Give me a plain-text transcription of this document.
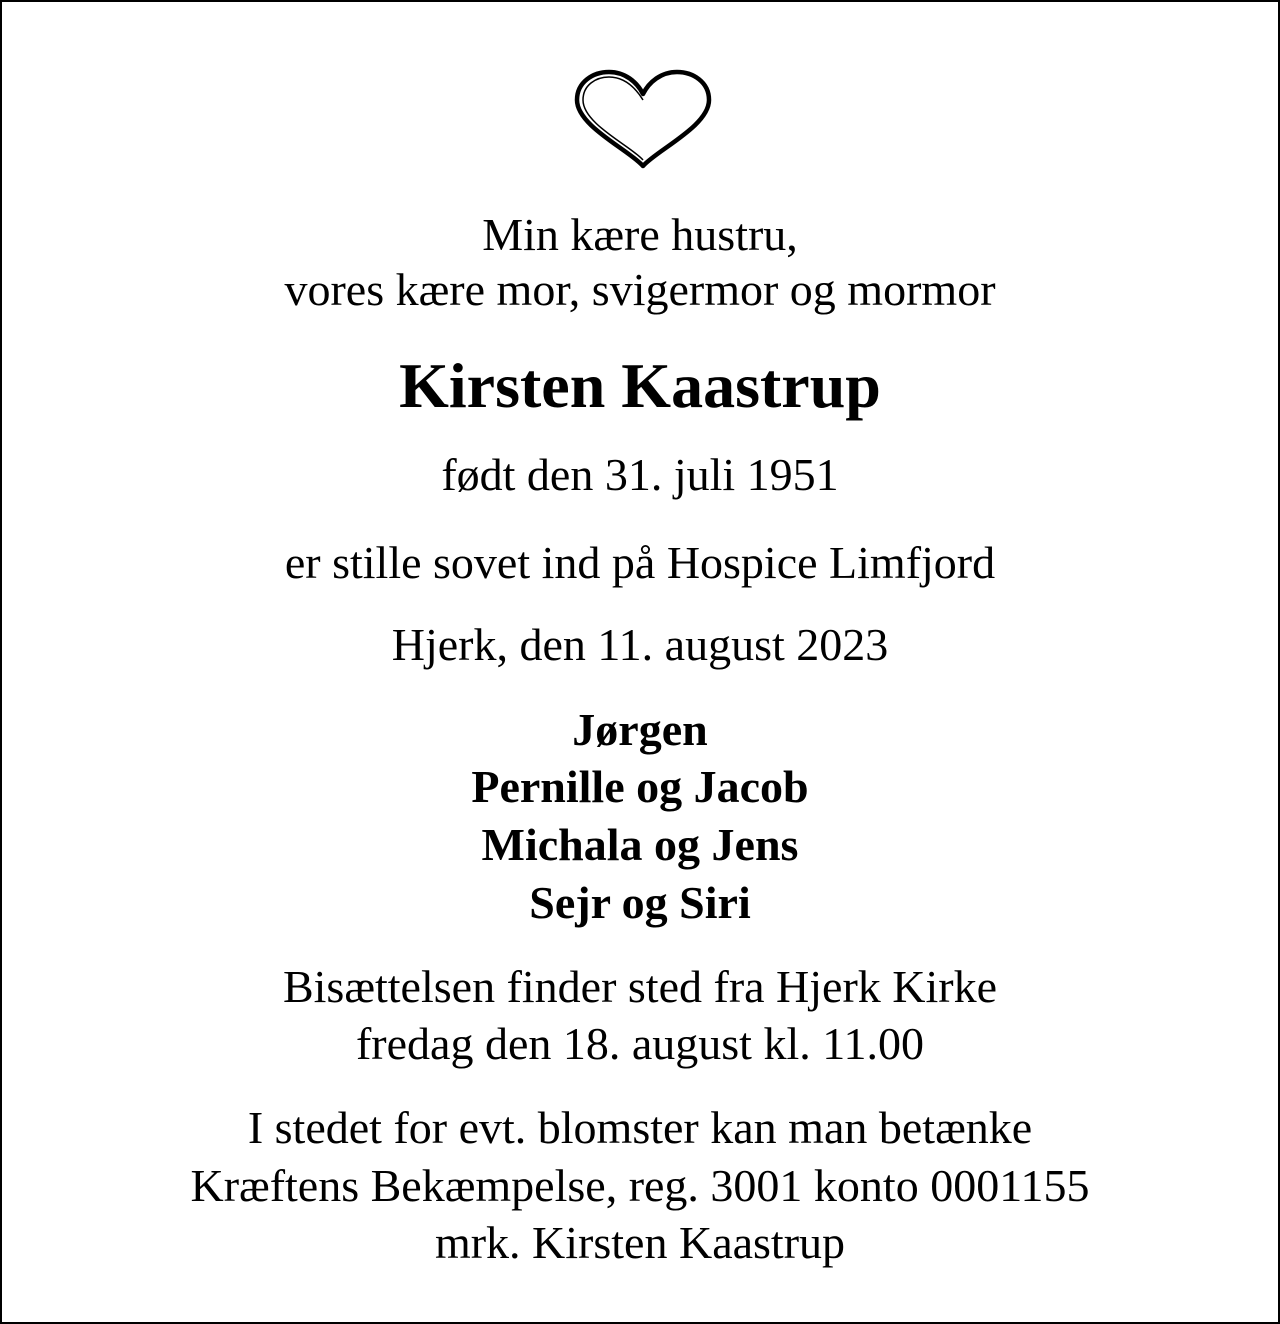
Min kære hustru,
vores kære mor, svigermor og mormor
Kirsten Kaastrup
født den 31. juli 1951
er stille sovet ind på Hospice Limfjord
Hjerk, den 11. august 2023
Jørgen
Pernille og Jacob
Michala og Jens
Sejr og Siri
Bisættelsen finder sted fra Hjerk Kirke
fredag den 18. august kl. 11.00
I stedet for evt. blomster kan man betænke
Kræftens Bekæmpelse, reg. 3001 konto 0001155
mrk. Kirsten Kaastrup
